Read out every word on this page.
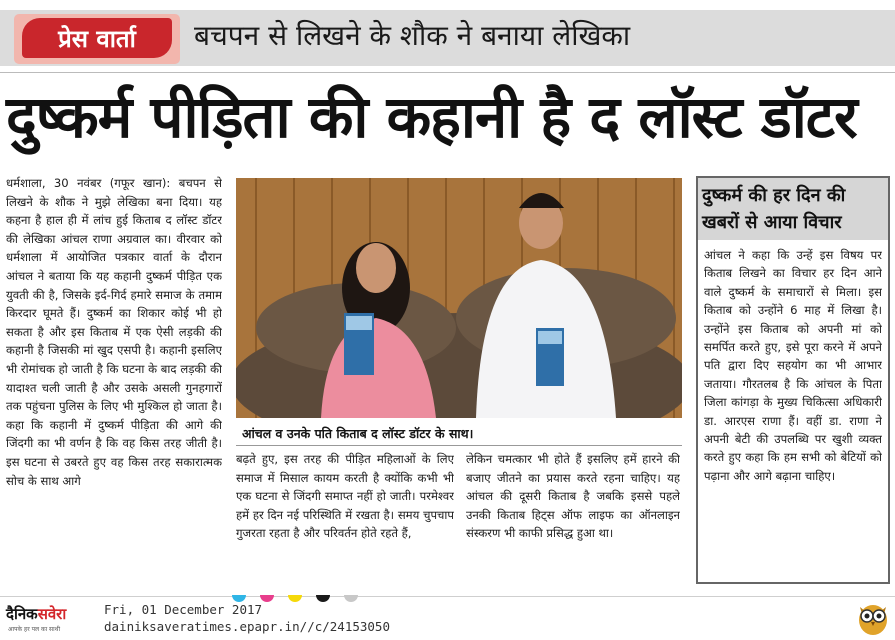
प्रेस वार्ता	बचपन से लिखने के शौक ने बनाया लेखिका
दुष्कर्म पीड़िता की कहानी है द लॉस्ट डॉटर
धर्मशाला, 30 नवंबर (गफूर खान): बचपन से लिखने के शौक ने मुझे लेखिका बना दिया। यह कहना है हाल ही में लांच हुई किताब द लॉस्ट डॉटर की लेखिका आंचल राणा अग्रवाल का। वीरवार को धर्मशाला में आयोजित पत्रकार वार्ता के दौरान आंचल ने बताया कि यह कहानी दुष्कर्म पीड़ित एक युवती की है, जिसके इर्द-गिर्द हमारे समाज के तमाम किरदार घूमते हैं। दुष्कर्म का शिकार कोई भी हो सकता है और इस किताब में एक ऐसी लड़की की कहानी है जिसकी मां खुद एसपी है। कहानी इसलिए भी रोमांचक हो जाती है कि घटना के बाद लड़की की यादाश्त चली जाती है और उसके असली गुनहगारों तक पहुंचना पुलिस के लिए भी मुश्किल हो जाता है। कहा कि कहानी में दुष्कर्म पीड़िता की आगे की जिंदगी का भी वर्णन है कि वह किस तरह जीती है। इस घटना से उबरते हुए वह किस तरह सकारात्मक सोच के साथ आगे
आंचल व उनके पति किताब द लॉस्ट डॉटर के साथ।
बढ़ते हुए, इस तरह की पीड़ित महिलाओं के लिए समाज में मिसाल कायम करती है क्योंकि कभी भी एक घटना से जिंदगी समाप्त नहीं हो जाती। परमेश्वर हमें हर दिन नई परिस्थिति में रखता है। समय चुपचाप गुजरता रहता है और परिवर्तन होते रहते हैं,
लेकिन चमत्कार भी होते हैं इसलिए हमें हारने की बजाए जीतने का प्रयास करते रहना चाहिए। यह आंचल की दूसरी किताब है जबकि इससे पहले उनकी किताब हिट्स ऑफ लाइफ का ऑनलाइन संस्करण भी काफी प्रसिद्ध हुआ था।
दुष्कर्म की हर दिन की खबरों से आया विचार
आंचल ने कहा कि उन्हें इस विषय पर किताब लिखने का विचार हर दिन आने वाले दुष्कर्म के समाचारों से मिला। इस किताब को उन्होंने 6 माह में लिखा है। उन्होंने इस किताब को अपनी मां को समर्पित करते हुए, इसे पूरा करने में अपने पति द्वारा दिए सहयोग का भी आभार जताया। गौरतलब है कि आंचल के पिता जिला कांगड़ा के मुख्य चिकित्सा अधिकारी डा. आरएस राणा हैं। वहीं डा. राणा ने अपनी बेटी की उपलब्धि पर खुशी व्यक्त करते हुए कहा कि हम सभी को बेटियों को पढ़ाना और आगे बढ़ाना चाहिए।
दैनिकसवेरा
आपके हर पल का साथी
Fri, 01 December 2017
dainiksaveratimes.epapr.in//c/24153050
